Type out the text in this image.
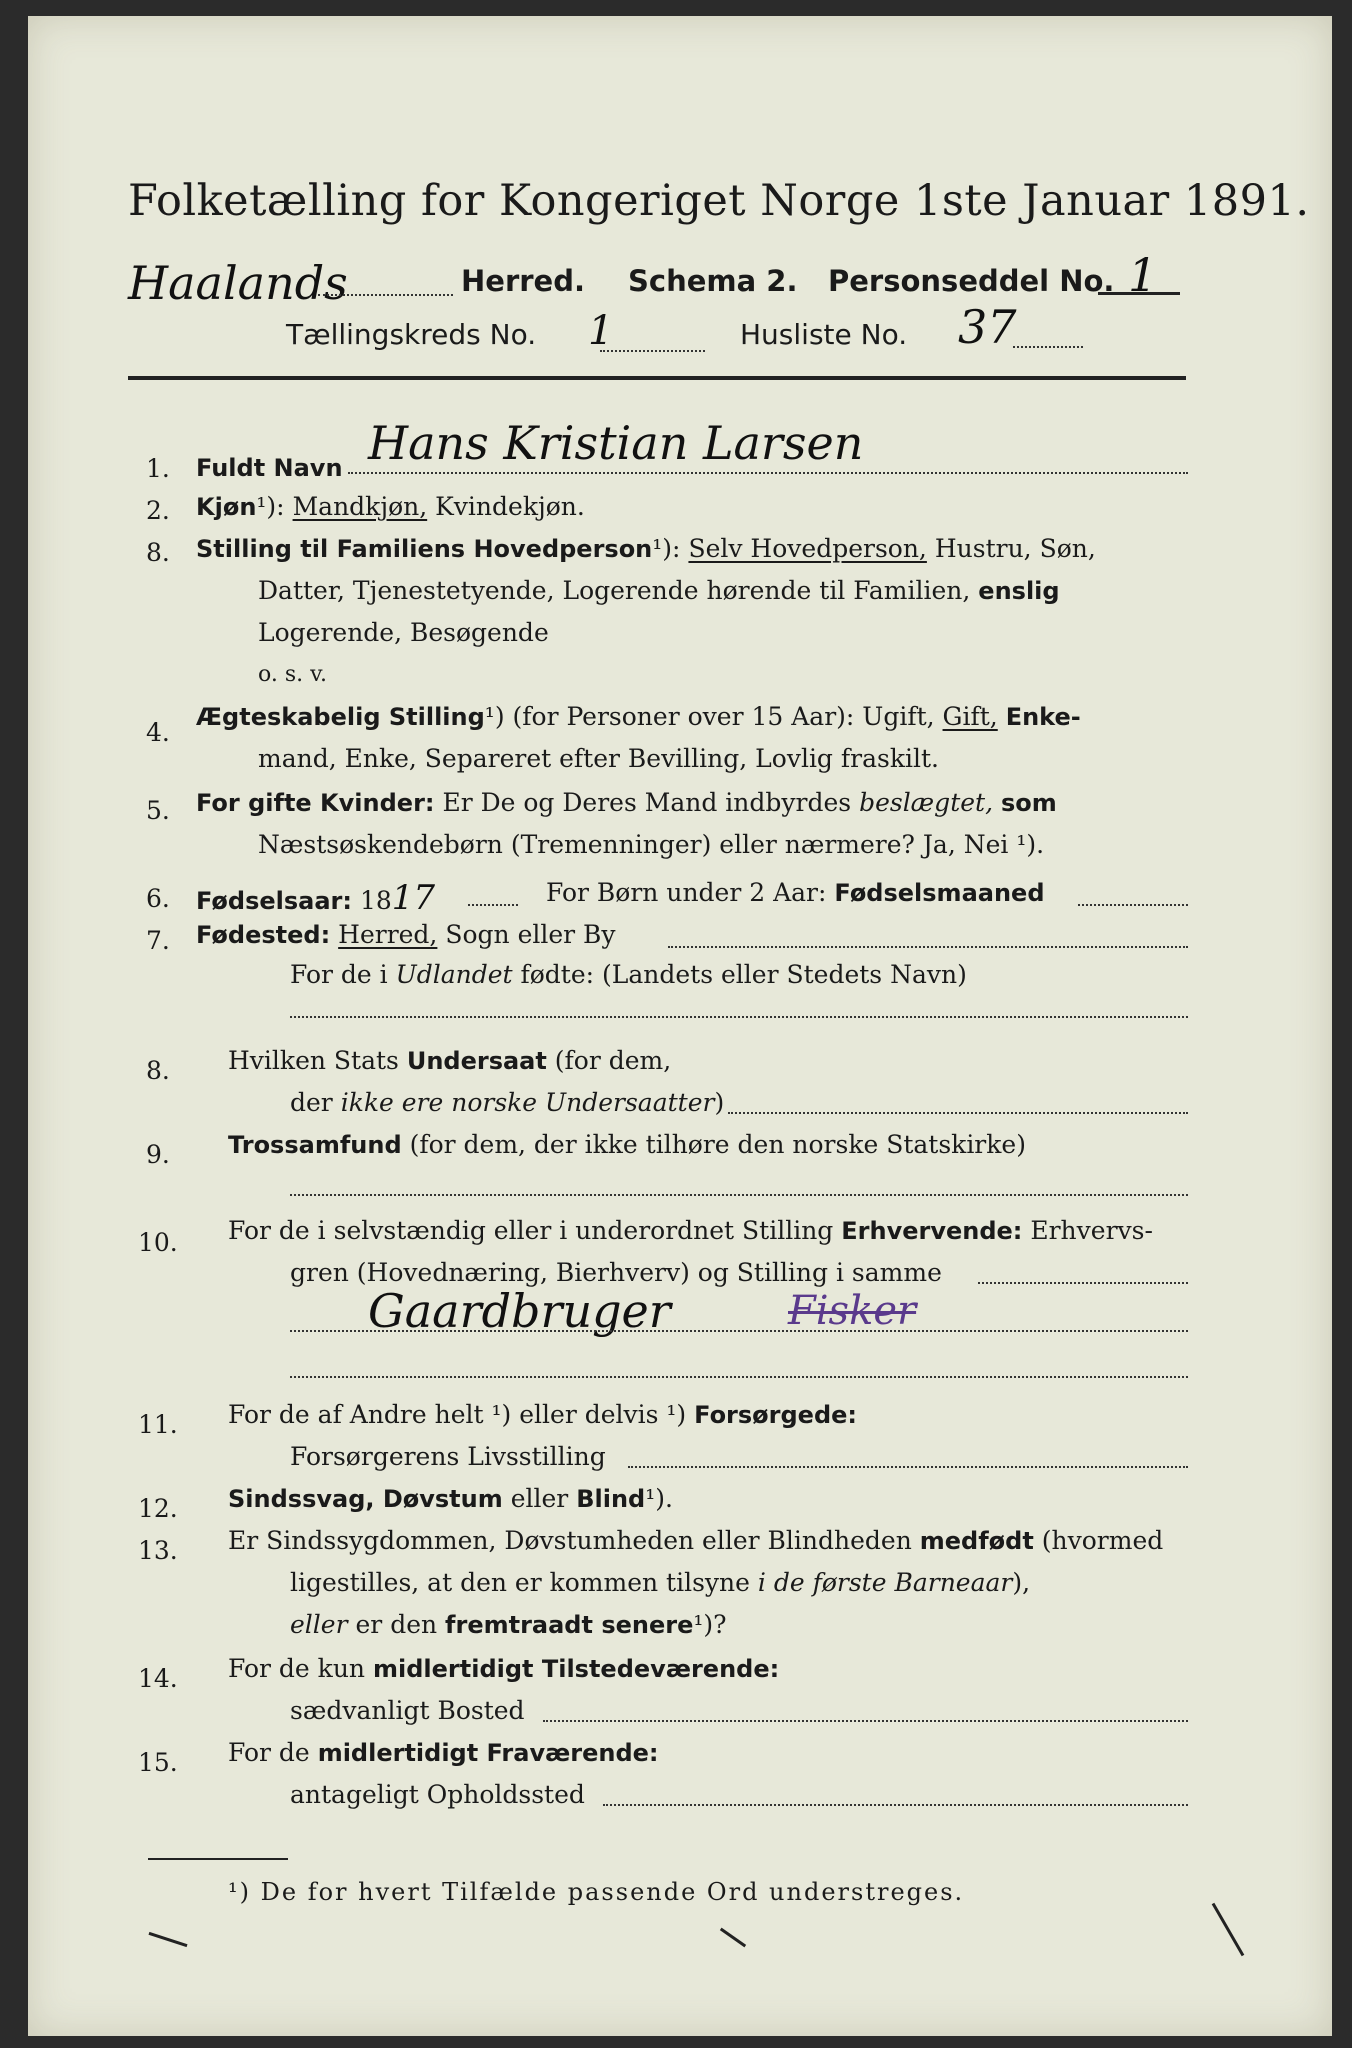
Folketælling for Kongeriget Norge 1ste Januar 1891.
Haalands	Herred. Schema 2. Personseddel No. 1
Tællingskreds No. 1	Husliste No. 37
1. Fuldt Navn Hans Kristian Larsen
2. Kjøn¹): Mandkjøn, Kvindekjøn.
8. Stilling til Familiens Hovedperson¹): Selv Hovedperson, Hustru, Søn,
Datter, Tjenestetyende, Logerende hørende til Familien, enslig
Logerende, Besøgende
o. s. v.
4.
Ægteskabelig Stilling¹) (for Personer over 15 Aar): Ugift, Gift, Enke-
mand, Enke, Separeret efter Bevilling, Lovlig fraskilt.
5. For gifte Kvinder: Er De og Deres Mand indbyrdes beslægtet, som
Næstsøskendebørn (Tremenninger) eller nærmere? Ja, Nei ¹).
6. Fødselsaar: 1817	For Børn under 2 Aar: Fødselsmaaned
7. Fødested: Herred, Sogn eller By
For de i Udlandet fødte: (Landets eller Stedets Navn)
8. Hvilken Stats Undersaat (for dem,
der ikke ere norske Undersaatter)
9. Trossamfund (for dem, der ikke tilhøre den norske Statskirke)
10. For de i selvstændig eller i underordnet Stilling Erhvervende: Erhvervs-
gren (Hovednæring, Bierhverv) og Stilling i samme
Gaardbruger	Fisker
11. For de af Andre helt ¹) eller delvis ¹) Forsørgede:
Forsørgerens Livsstilling
12. Sindssvag, Døvstum eller Blind¹).
13. Er Sindssygdommen, Døvstumheden eller Blindheden medfødt (hvormed
ligestilles, at den er kommen tilsyne i de første Barneaar),
eller er den fremtraadt senere¹)?
14. For de kun midlertidigt Tilstedeværende:
sædvanligt Bosted
15. For de midlertidigt Fraværende:
antageligt Opholdssted
¹) De for hvert Tilfælde passende Ord understreges.
